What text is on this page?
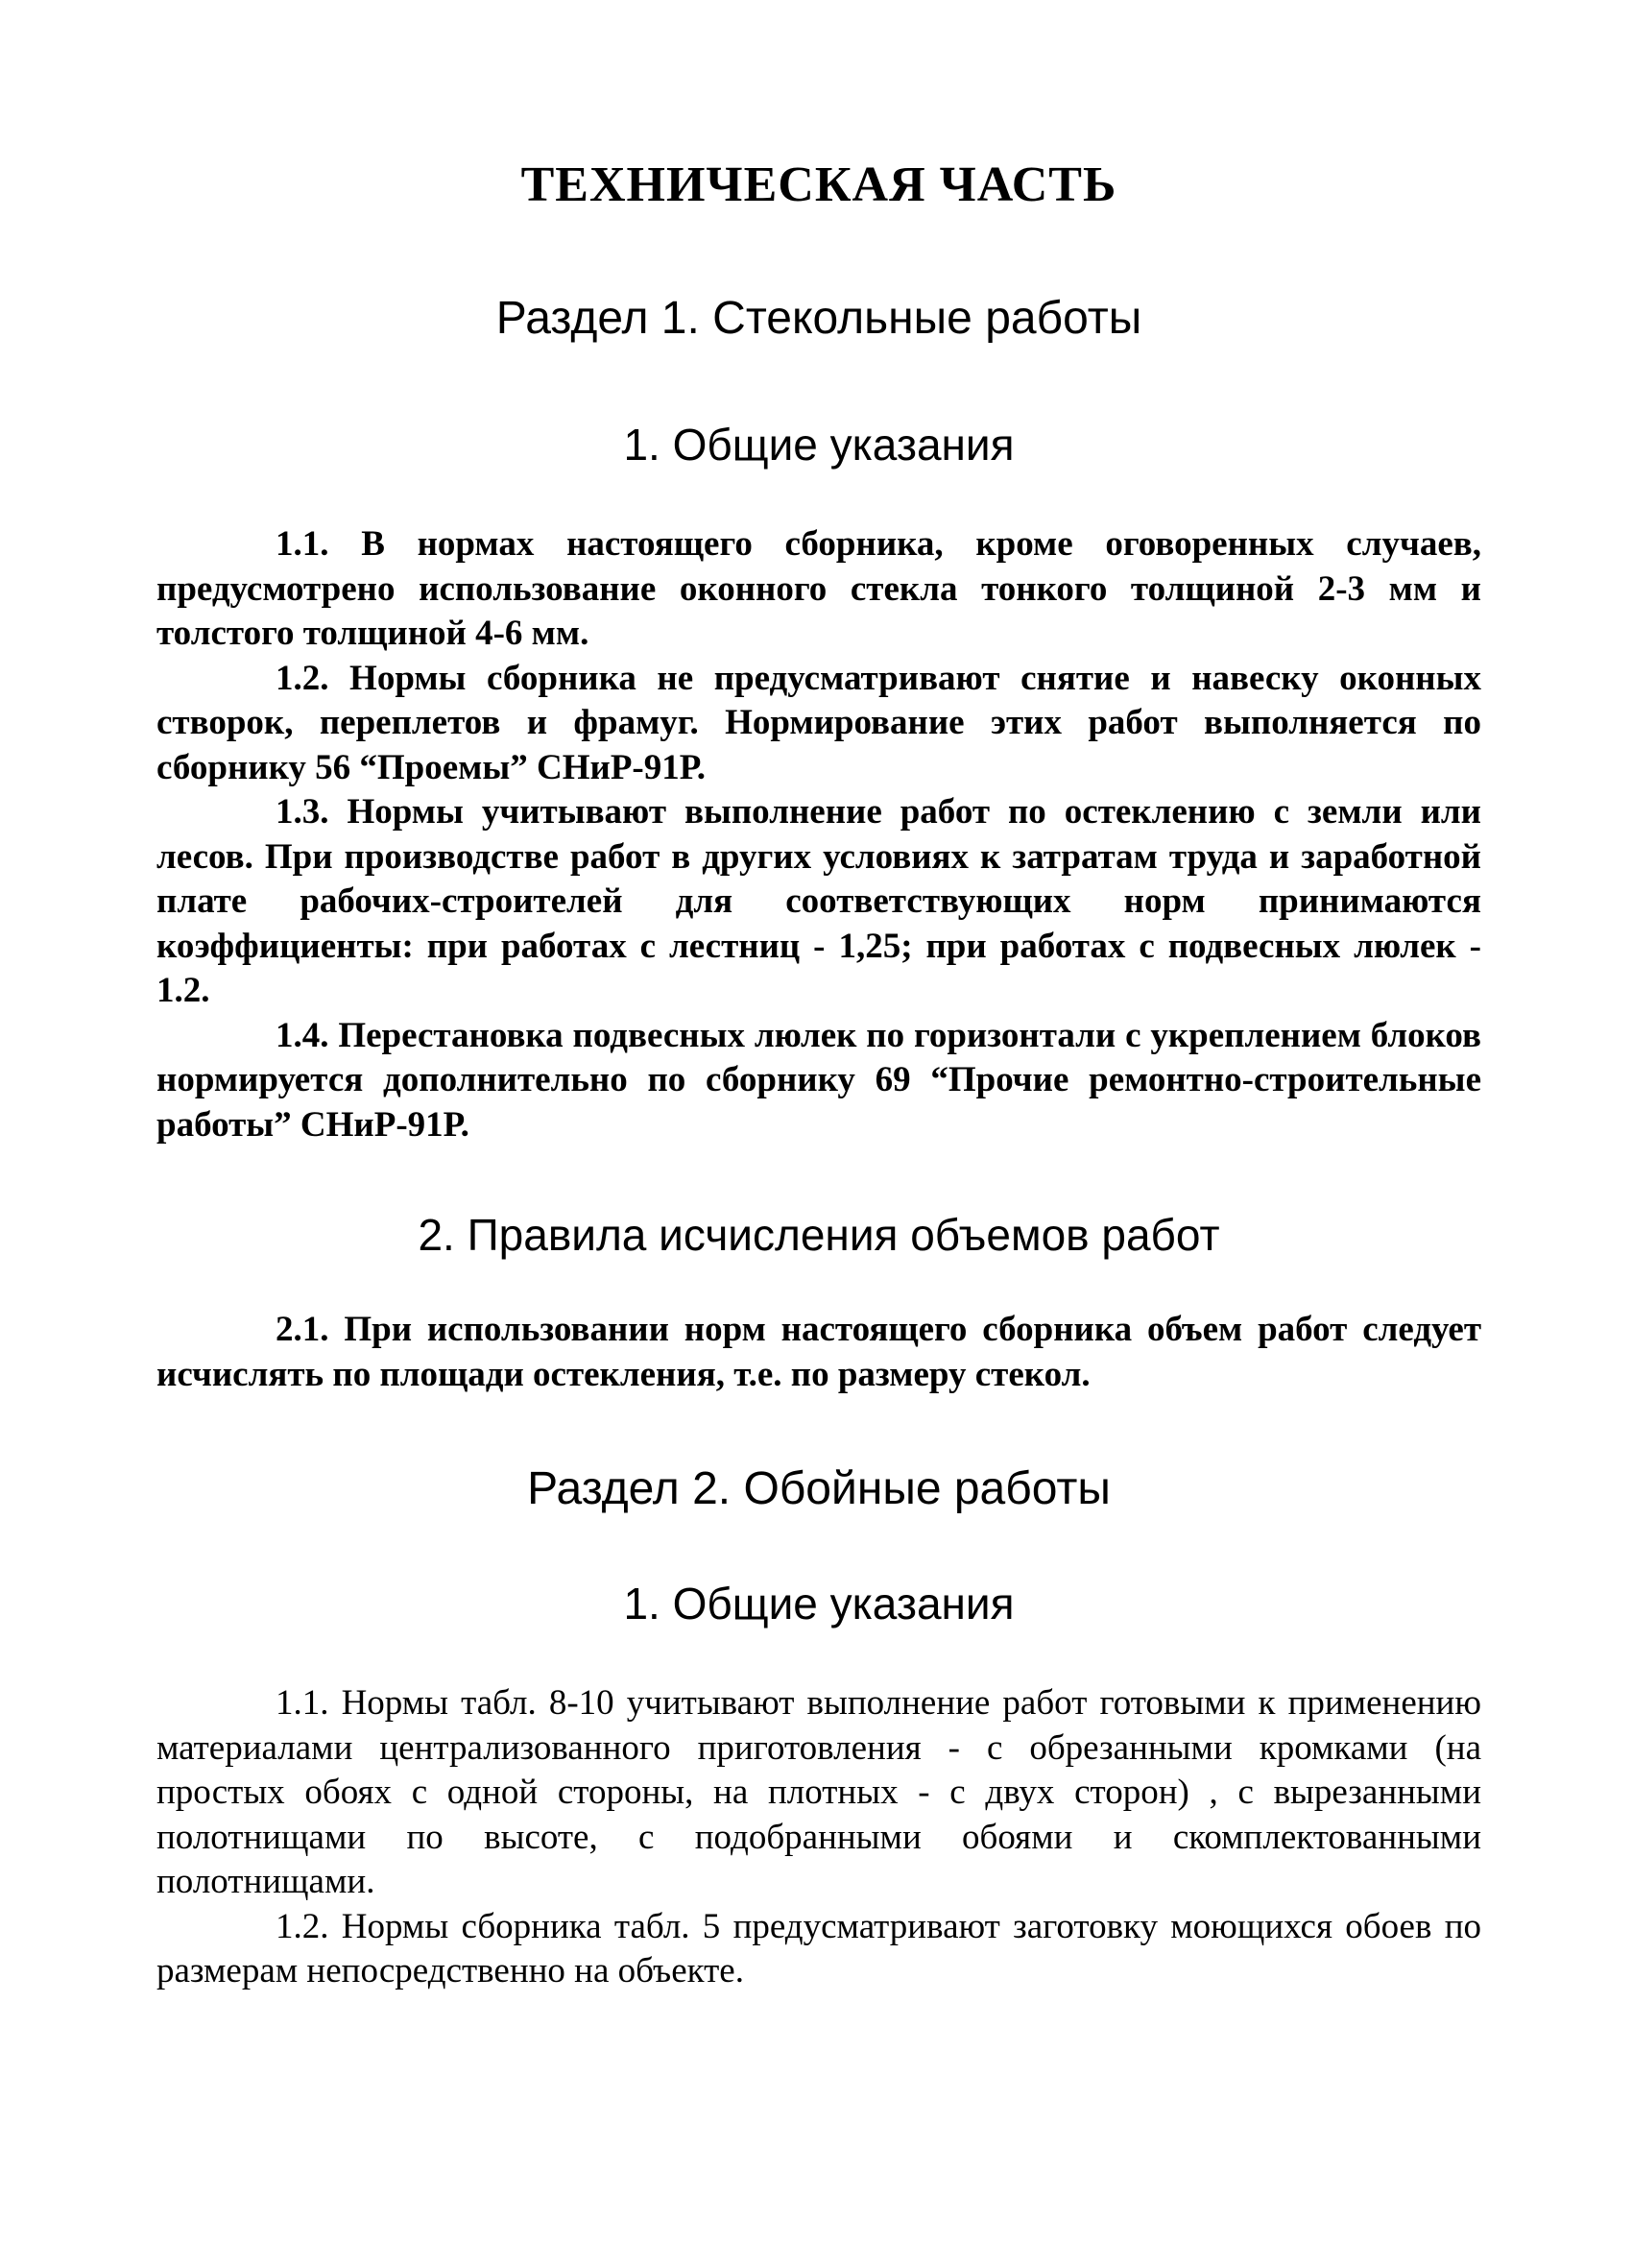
ТЕХНИЧЕСКАЯ ЧАСТЬ
Раздел 1. Стекольные работы
1. Общие указания

1.1. В нормах настоящего сборника, кроме оговоренных случаев, предусмотрено использование оконного стекла тонкого толщиной 2-3 мм и толстого толщиной 4-6 мм.

1.2. Нормы сборника не предусматривают снятие и навеску оконных створок, переплетов и фрамуг. Нормирование этих работ выполняется по сборнику 56 “Проемы” СНиР-91Р.

1.3. Нормы учитывают выполнение работ по остеклению с земли или лесов. При производстве работ в других условиях к затратам труда и заработной плате рабочих-строителей для соответствующих норм принимаются коэффициенты: при работах с лестниц - 1,25; при работах с подвесных люлек - 1.2.

1.4. Перестановка подвесных люлек по горизонтали с укреплением блоков нормируется дополнительно по сборнику 69 “Прочие ремонтно-строительные работы” СНиР-91Р.

2. Правила исчисления объемов работ

2.1. При использовании норм настоящего сборника объем работ следует исчислять по площади остекления, т.е. по размеру стекол.

Раздел 2. Обойные работы
1. Общие указания

1.1. Нормы табл. 8-10 учитывают выполнение работ готовыми к применению материалами централизованного приготовления - с обрезанными кромками (на простых обоях с одной стороны, на плотных - с двух сторон) , с вырезанными полотнищами по высоте, с подобранными обоями и скомплектованными полотнищами.

1.2. Нормы сборника табл. 5 предусматривают заготовку моющихся обоев по размерам непосредственно на объекте.
